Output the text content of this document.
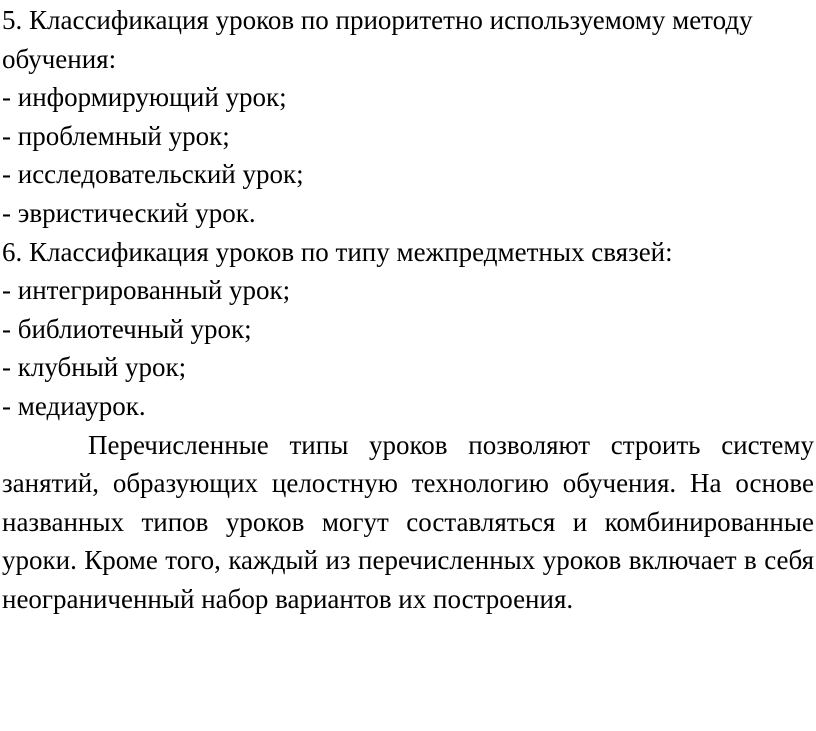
5. Классификация уроков по приоритетно используемому методу
обучения:
- информирующий урок;
- проблемный урок;
- исследовательский урок;
- эвристический урок.
6. Классификация уроков по типу межпредметных связей:
- интегрированный урок;
- библиотечный урок;
- клубный урок;
- медиаурок.

Перечисленные типы уроков позволяют строить систему занятий, образующих целостную технологию обучения. На основе названных типов уроков могут составляться и комбинированные уроки. Кроме того, каждый из перечисленных уроков включает в себя неограниченный набор вариантов их построения.
